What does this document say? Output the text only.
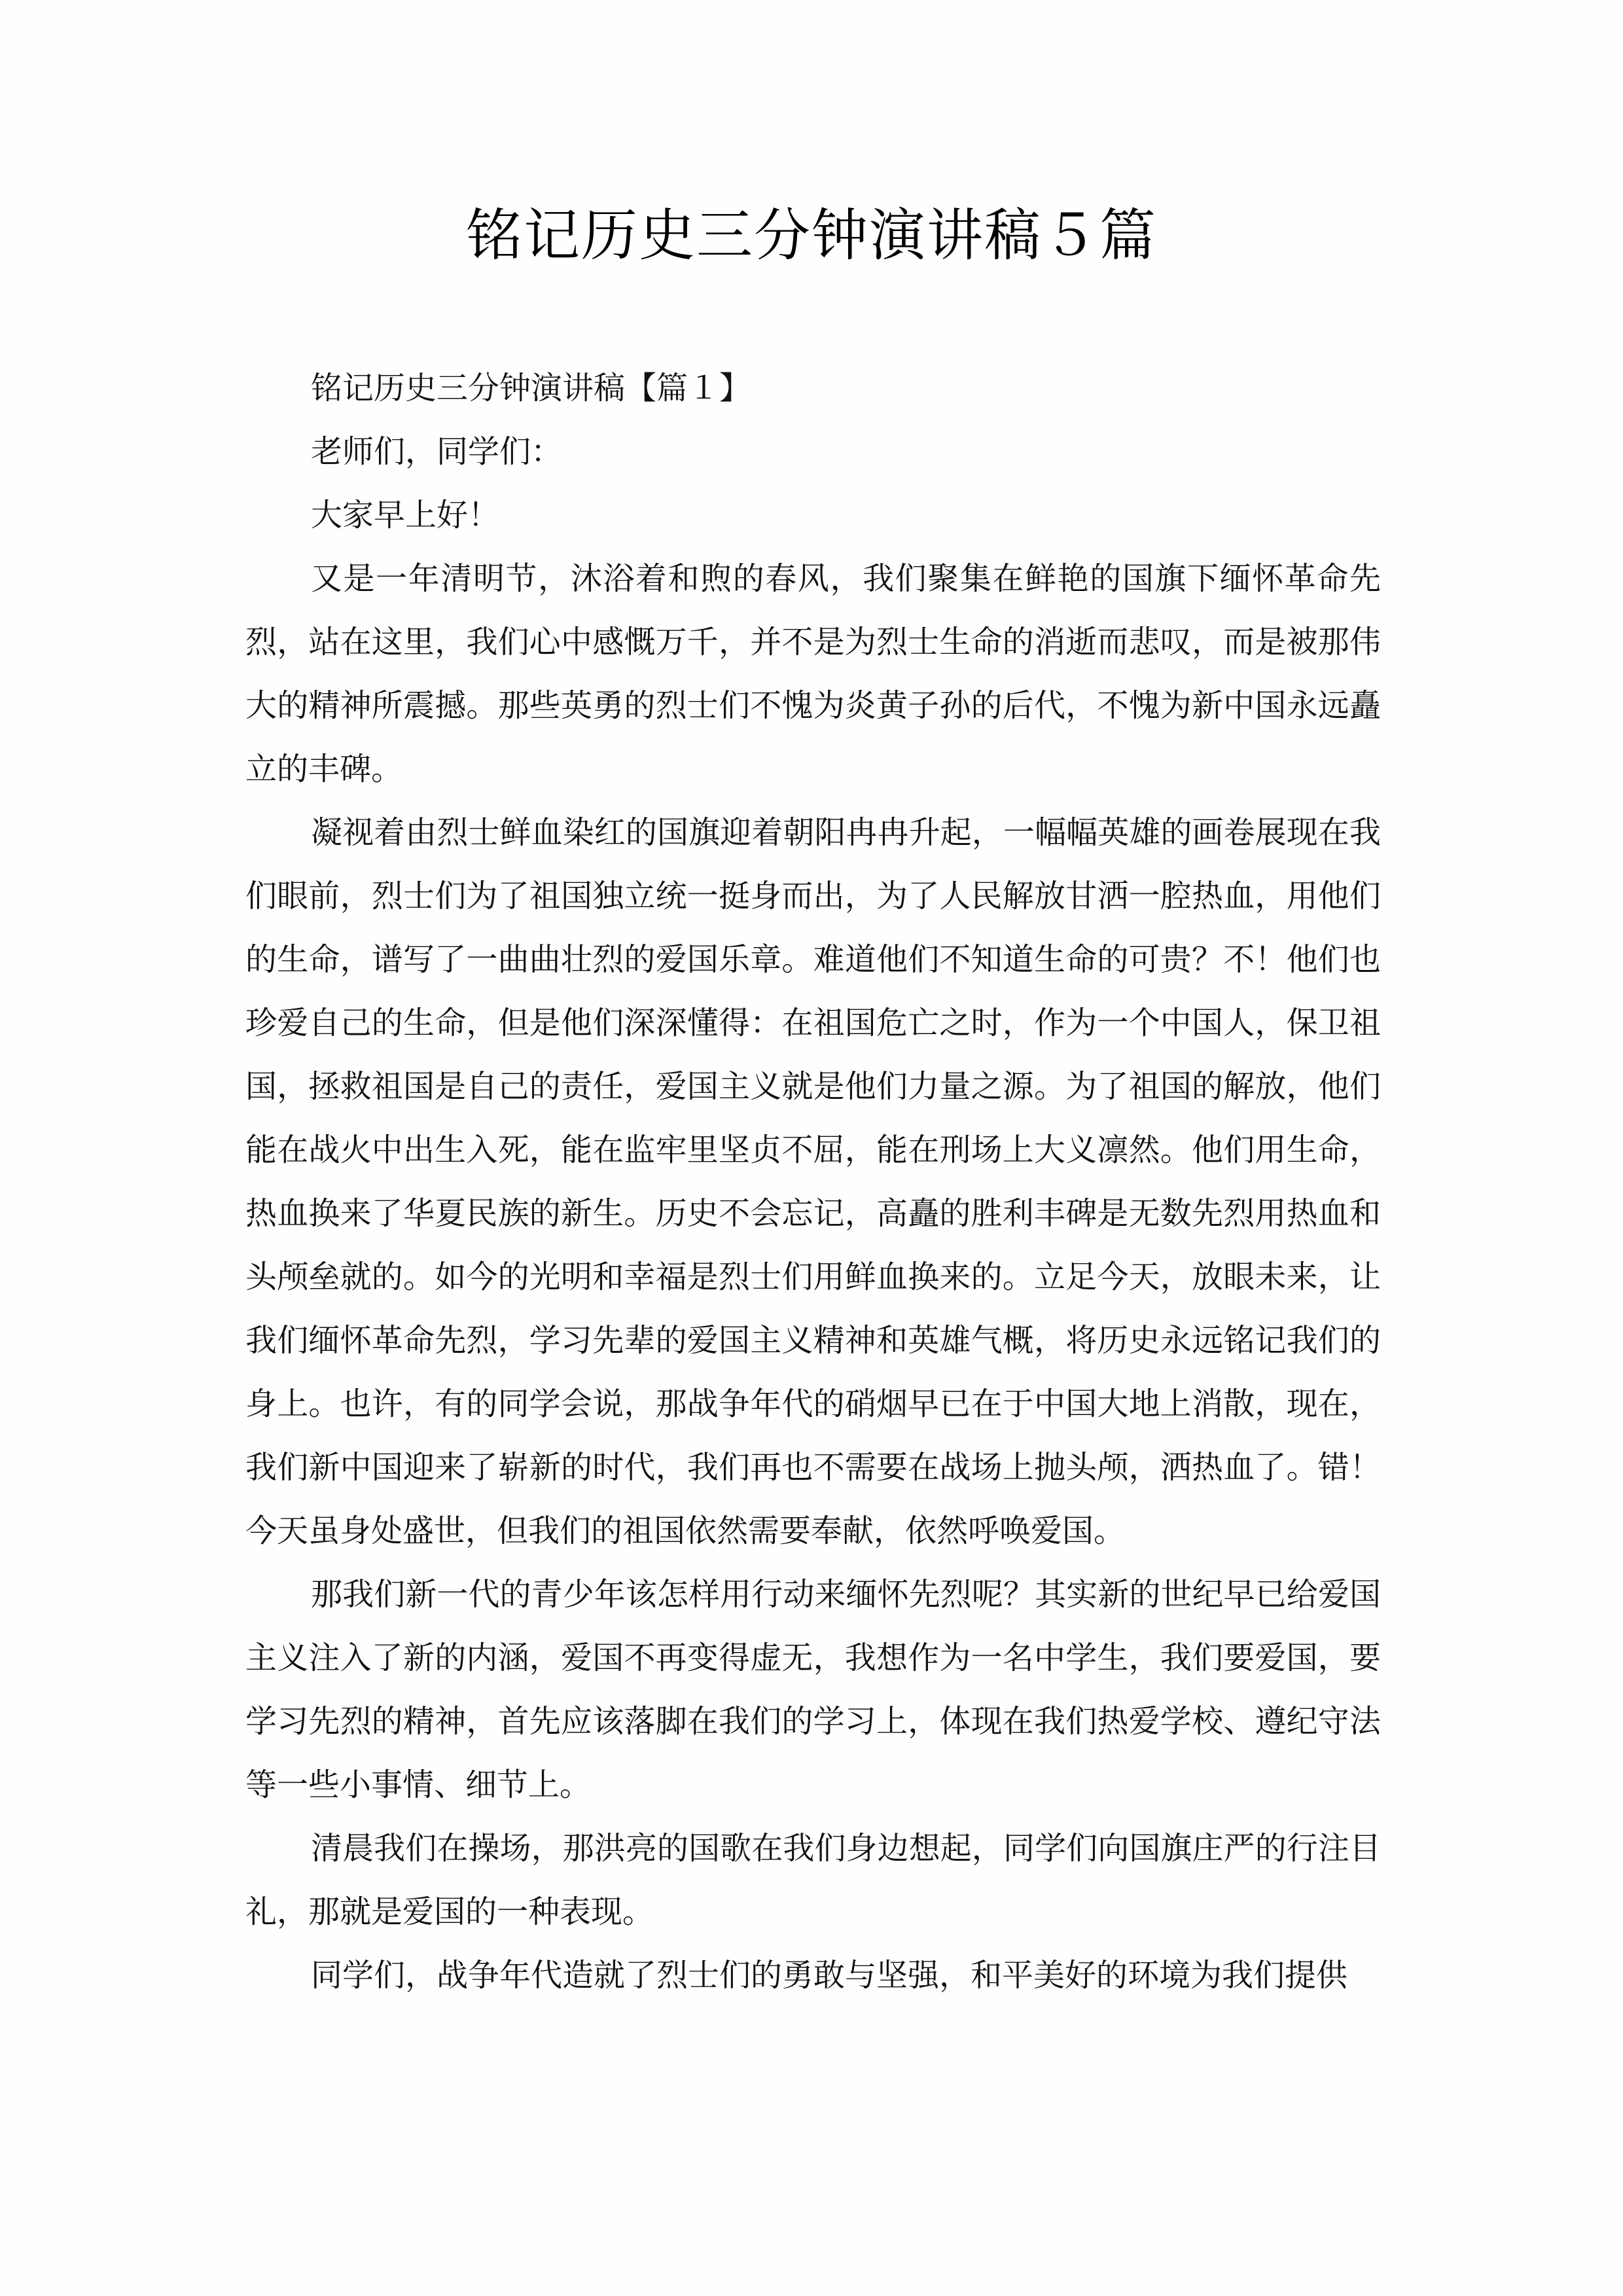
铭记历史三分钟演讲稿５篇

铭记历史三分钟演讲稿【篇１】

老师们，同学们：

大家早上好！

又是一年清明节，沐浴着和煦的春风，我们聚集在鲜艳的国旗下缅怀革命先烈，站在这里，我们心中感慨万千，并不是为烈士生命的消逝而悲叹，而是被那伟大的精神所震撼。那些英勇的烈士们不愧为炎黄子孙的后代，不愧为新中国永远矗立的丰碑。

凝视着由烈士鲜血染红的国旗迎着朝阳冉冉升起，一幅幅英雄的画卷展现在我们眼前，烈士们为了祖国独立统一挺身而出，为了人民解放甘洒一腔热血，用他们的生命，谱写了一曲曲壮烈的爱国乐章。难道他们不知道生命的可贵？不！他们也珍爱自己的生命，但是他们深深懂得：在祖国危亡之时，作为一个中国人，保卫祖国，拯救祖国是自己的责任，爱国主义就是他们力量之源。为了祖国的解放，他们能在战火中出生入死，能在监牢里坚贞不屈，能在刑场上大义凛然。他们用生命，热血换来了华夏民族的新生。历史不会忘记，高矗的胜利丰碑是无数先烈用热血和头颅垒就的。如今的光明和幸福是烈士们用鲜血换来的。立足今天，放眼未来，让我们缅怀革命先烈，学习先辈的爱国主义精神和英雄气概，将历史永远铭记我们的身上。也许，有的同学会说，那战争年代的硝烟早已在于中国大地上消散，现在，我们新中国迎来了崭新的时代，我们再也不需要在战场上抛头颅，洒热血了。错！今天虽身处盛世，但我们的祖国依然需要奉献，依然呼唤爱国。

那我们新一代的青少年该怎样用行动来缅怀先烈呢？其实新的世纪早已给爱国主义注入了新的内涵，爱国不再变得虚无，我想作为一名中学生，我们要爱国，要学习先烈的精神，首先应该落脚在我们的学习上，体现在我们热爱学校、遵纪守法等一些小事情、细节上。

清晨我们在操场，那洪亮的国歌在我们身边想起，同学们向国旗庄严的行注目礼，那就是爱国的一种表现。

同学们，战争年代造就了烈士们的勇敢与坚强，和平美好的环境为我们提供
